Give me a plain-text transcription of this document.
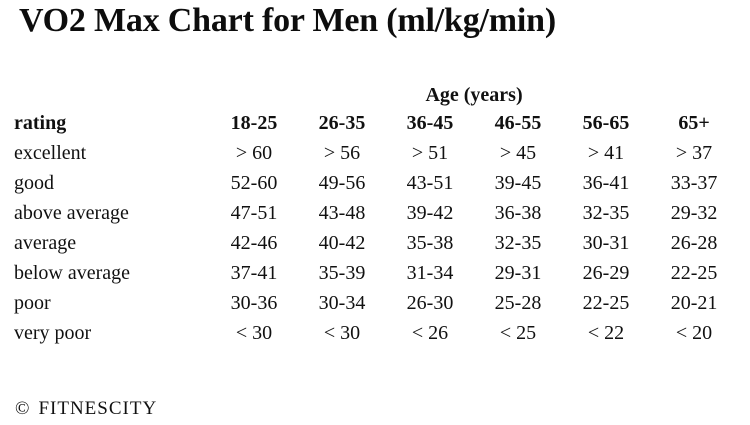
VO2 Max Chart for Men (ml/kg/min)
	Age (years)					
rating	18-25	26-35	36-45	46-55	56-65	65+
excellent	> 60	> 56	> 51	> 45	> 41	> 37
good	52-60	49-56	43-51	39-45	36-41	33-37
above average	47-51	43-48	39-42	36-38	32-35	29-32
average	42-46	40-42	35-38	32-35	30-31	26-28
below average	37-41	35-39	31-34	29-31	26-29	22-25
poor	30-36	30-34	26-30	25-28	22-25	20-21
very poor	< 30	< 30	< 26	< 25	< 22	< 20
© FITNESCITY
